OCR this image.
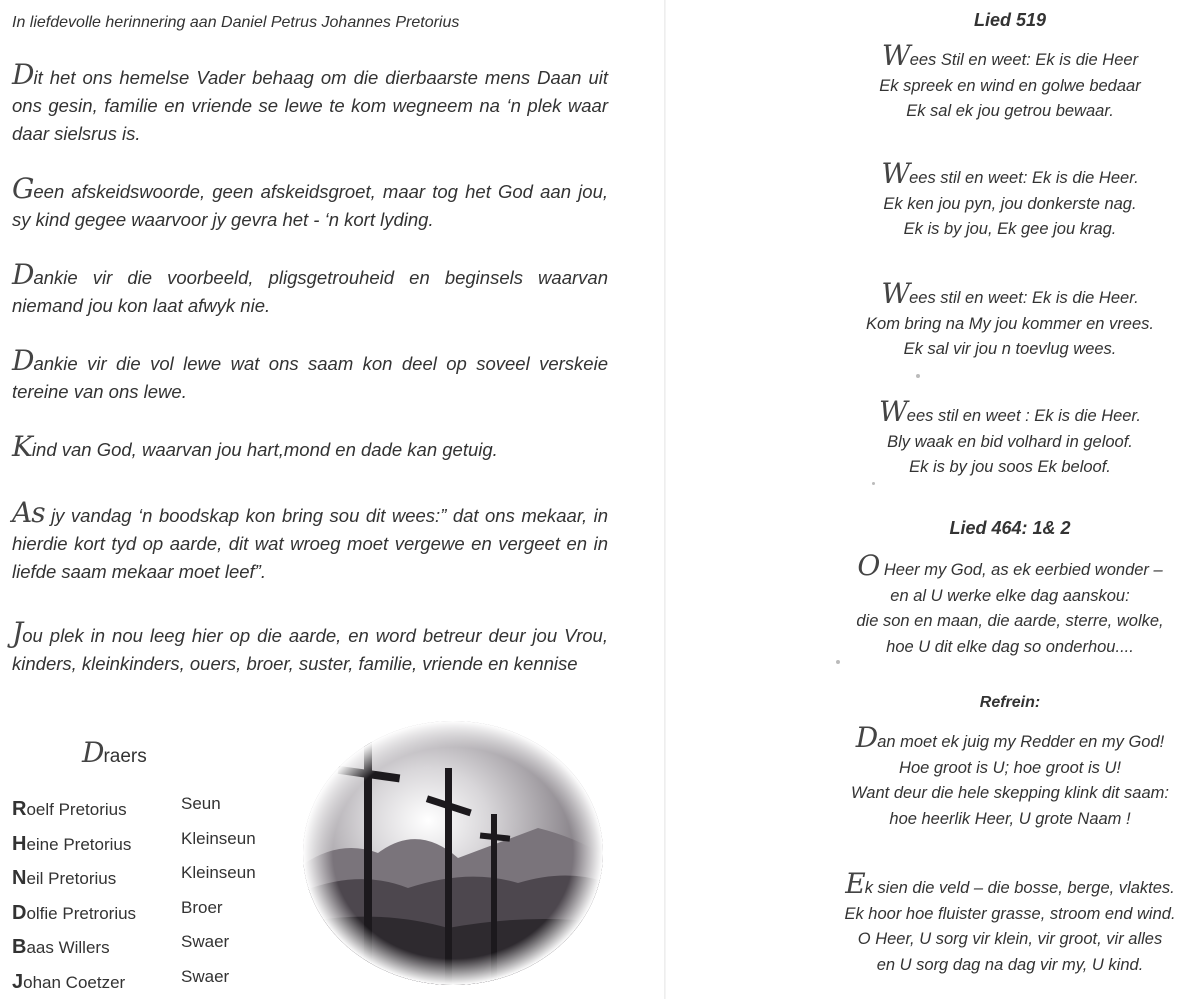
In liefdevolle herinnering aan Daniel Petrus Johannes Pretorius
Dit het ons hemelse Vader behaag om die dierbaarste mens Daan uit ons gesin, familie en vriende se lewe te kom wegneem na ‘n plek waar daar sielsrus is.
Geen afskeidswoorde, geen afskeidsgroet, maar tog het God aan jou, sy kind gegee waarvoor jy gevra het - ‘n kort lyding.
Dankie vir die voorbeeld, pligsgetrouheid en beginsels waarvan niemand jou kon laat afwyk nie.
Dankie vir die vol lewe wat ons saam kon deel op soveel verskeie tereine van ons lewe.
Kind van God, waarvan jou hart,mond en dade kan getuig.
As jy vandag ‘n boodskap kon bring sou dit wees:” dat ons mekaar, in hierdie kort tyd op aarde, dit wat wroeg moet vergewe en vergeet en in liefde saam mekaar moet leef”.
Jou plek in nou leeg hier op die aarde, en word betreur deur jou Vrou, kinders, kleinkinders, ouers, broer, suster, familie, vriende en kennise
Draers
Roelf Pretorius	Seun
Heine Pretorius	Kleinseun
Neil Pretorius	Kleinseun
Dolfie Pretrorius	Broer
Baas Willers	Swaer
Johan Coetzer	Swaer
Lied 519
Wees Stil en weet: Ek is die Heer
Ek spreek en wind en golwe bedaar
Ek sal ek jou getrou bewaar.
Wees stil en weet: Ek is die Heer.
Ek ken jou pyn, jou donkerste nag.
Ek is by jou, Ek gee jou krag.
Wees stil en weet: Ek is die Heer.
Kom bring na My jou kommer en vrees.
Ek sal vir jou n toevlug wees.
Wees stil en weet : Ek is die Heer.
Bly waak en bid volhard in geloof.
Ek is by jou soos Ek beloof.
Lied 464: 1& 2
O Heer my God, as ek eerbied wonder –
en al U werke elke dag aanskou:
die son en maan, die aarde, sterre, wolke,
hoe U dit elke dag so onderhou....
Refrein:
Dan moet ek juig my Redder en my God!
Hoe groot is U; hoe groot is U!
Want deur die hele skepping klink dit saam:
hoe heerlik Heer, U grote Naam !
Ek sien die veld – die bosse, berge, vlaktes.
Ek hoor hoe fluister grasse, stroom end wind.
O Heer, U sorg vir klein, vir groot, vir alles
en U sorg dag na dag vir my, U kind.
